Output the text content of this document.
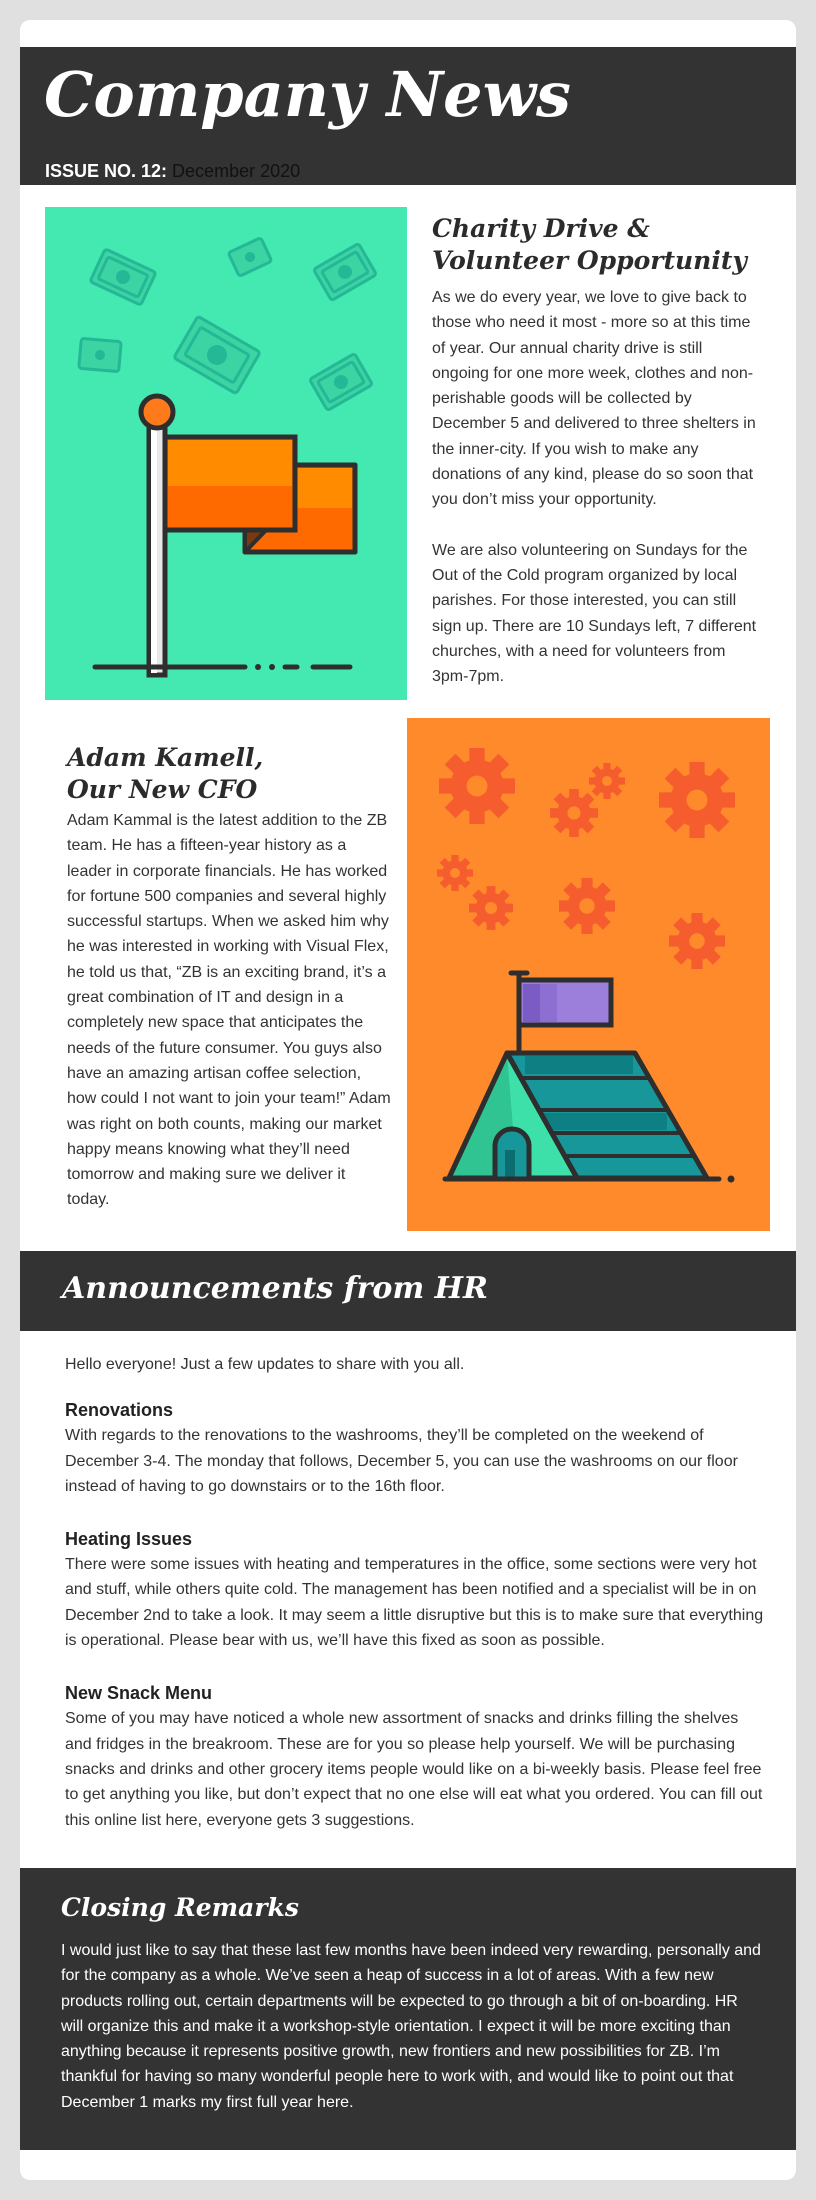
Company News
ISSUE NO. 12: December 2020
Charity Drive &
Volunteer Opportunity

As we do every year, we love to give back to those who need it most - more so at this time of year. Our annual charity drive is still ongoing for one more week, clothes and non-perishable goods will be collected by December 5 and delivered to three shelters in the inner-city. If you wish to make any donations of any kind, please do so soon that you don’t miss your opportunity.

We are also volunteering on Sundays for the Out of the Cold program organized by local parishes. For those interested, you can still sign up. There are 10 Sundays left, 7 different churches, with a need for volunteers from 3pm-7pm.

Adam Kamell,
Our New CFO

Adam Kammal is the latest addition to the ZB team. He has a fifteen-year history as a leader in corporate financials. He has worked for fortune 500 companies and several highly successful startups. When we asked him why he was interested in working with Visual Flex, he told us that, “ZB is an exciting brand, it’s a great combination of IT and design in a completely new space that anticipates the needs of the future consumer. You guys also have an amazing artisan coffee selection, how could I not want to join your team!” Adam was right on both counts, making our market happy means knowing what they’ll need tomorrow and making sure we deliver it today.

Announcements from HR

Hello everyone! Just a few updates to share with you all.

Renovations

With regards to the renovations to the washrooms, they’ll be completed on the weekend of December 3-4. The monday that follows, December 5, you can use the washrooms on our floor instead of having to go downstairs or to the 16th floor.

Heating Issues

There were some issues with heating and temperatures in the office, some sections were very hot and stuff, while others quite cold. The management has been notified and a specialist will be in on December 2nd to take a look. It may seem a little disruptive but this is to make sure that everything is operational. Please bear with us, we’ll have this fixed as soon as possible.

New Snack Menu

Some of you may have noticed a whole new assortment of snacks and drinks filling the shelves and fridges in the breakroom. These are for you so please help yourself. We will be purchasing snacks and drinks and other grocery items people would like on a bi-weekly basis. Please feel free to get anything you like, but don’t expect that no one else will eat what you ordered. You can fill out this online list here, everyone gets 3 suggestions.

Closing Remarks

I would just like to say that these last few months have been indeed very rewarding, personally and for the company as a whole. We’ve seen a heap of success in a lot of areas. With a few new products rolling out, certain departments will be expected to go through a bit of on-boarding. HR will organize this and make it a workshop-style orientation. I expect it will be more exciting than anything because it represents positive growth, new frontiers and new possibilities for ZB. I’m thankful for having so many wonderful people here to work with, and would like to point out that December 1 marks my first full year here.
